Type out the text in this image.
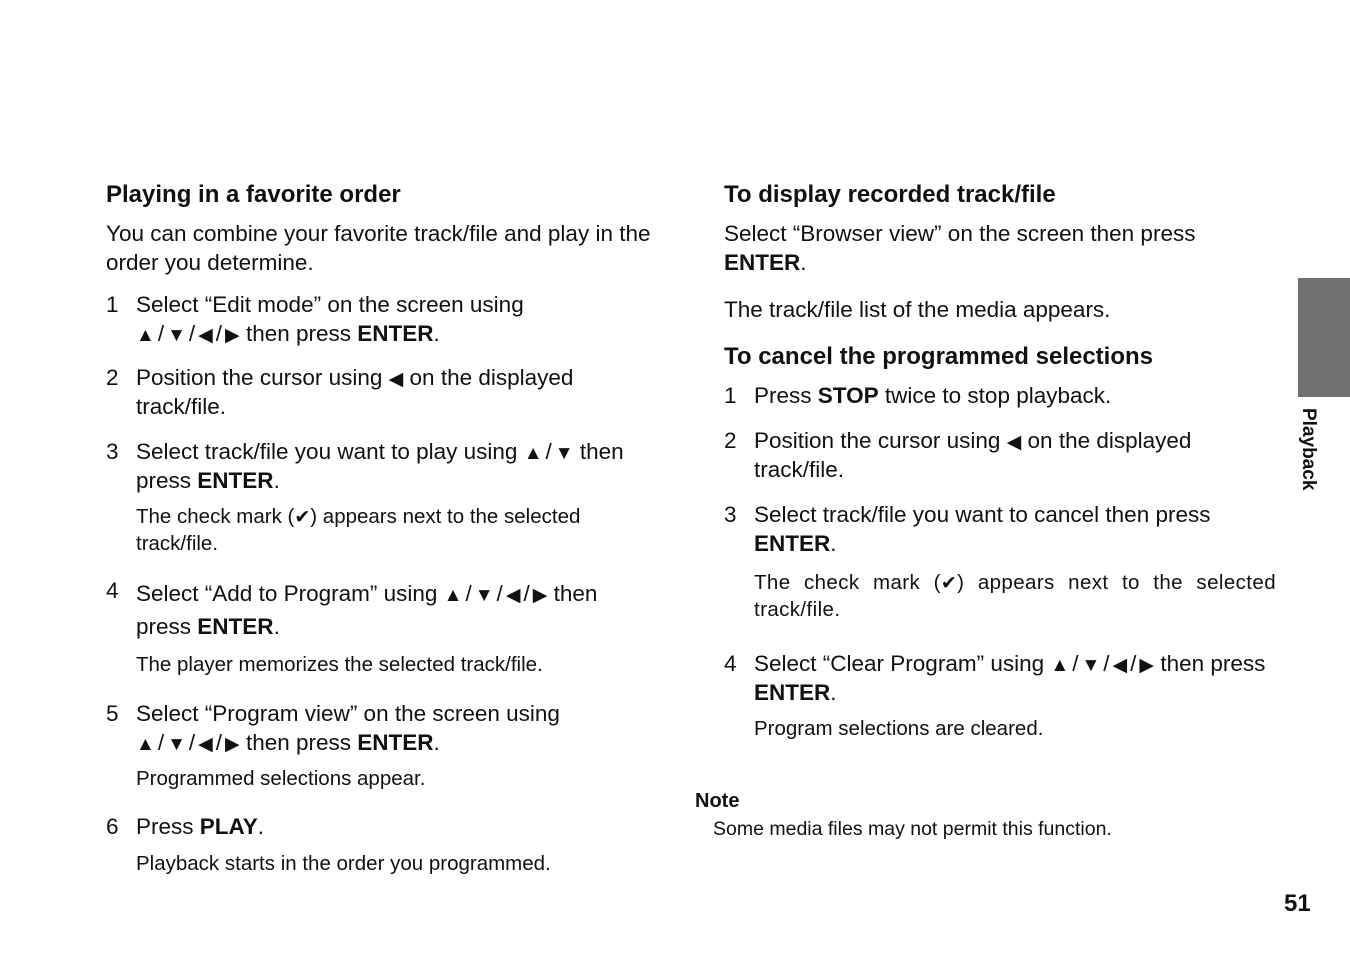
Playing in a favorite order

You can combine your favorite track/file and play in the order you determine.

1 Select “Edit mode” on the screen using
▲ / ▼ / ◀ / ▶ then press ENTER.
2 Position the cursor using ◀ on the displayed track/file.
3 Select track/file you want to play using ▲ / ▼ then press ENTER.
The check mark (✔) appears next to the selected track/file.
4 Select “Add to Program” using ▲ / ▼ / ◀ / ▶ then press ENTER.
The player memorizes the selected track/file.
5 Select “Program view” on the screen using
▲ / ▼ / ◀ / ▶ then press ENTER.
Programmed selections appear.
6 Press PLAY.
Playback starts in the order you programmed.
To display recorded track/file

Select “Browser view” on the screen then press
ENTER.

The track/file list of the media appears.

To cancel the programmed selections
1 Press STOP twice to stop playback.
2 Position the cursor using ◀ on the displayed track/file.
3 Select track/file you want to cancel then press
ENTER.
The check mark (✔) appears next to the selected track/file.
4 Select “Clear Program” using ▲ / ▼ / ◀ / ▶ then press ENTER.
Program selections are cleared.
Note
Some media files may not permit this function.
Playback
51
